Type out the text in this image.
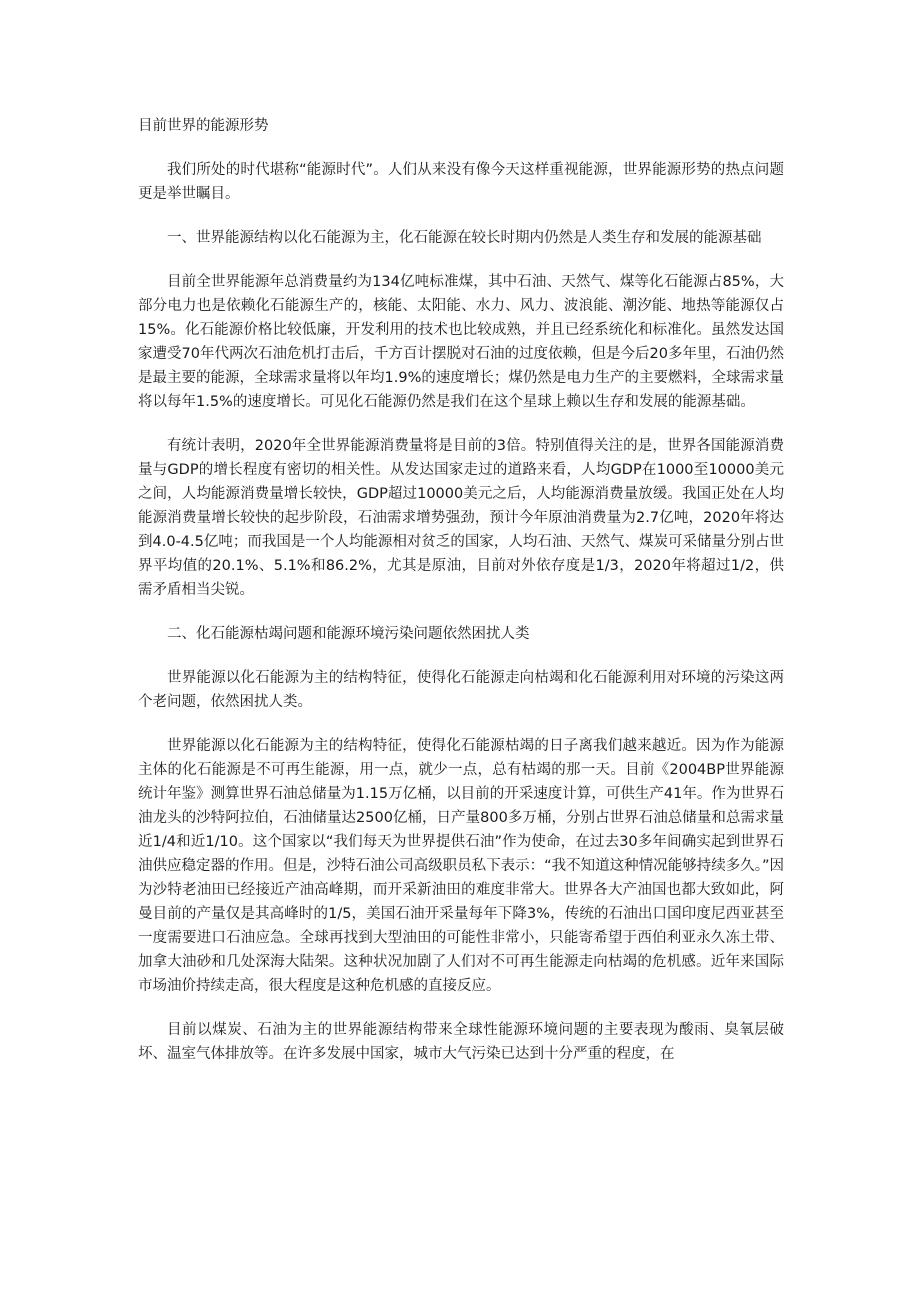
目前世界的能源形势

我们所处的时代堪称“能源时代”。人们从来没有像今天这样重视能源，世界能源形势的热点问题更是举世瞩目。

一、世界能源结构以化石能源为主，化石能源在较长时期内仍然是人类生存和发展的能源基础

目前全世界能源年总消费量约为134亿吨标准煤，其中石油、天然气、煤等化石能源占85%，大部分电力也是依赖化石能源生产的，核能、太阳能、水力、风力、波浪能、潮汐能、地热等能源仅占15%。化石能源价格比较低廉，开发利用的技术也比较成熟，并且已经系统化和标准化。虽然发达国家遭受70年代两次石油危机打击后，千方百计摆脱对石油的过度依赖，但是今后20多年里，石油仍然是最主要的能源，全球需求量将以年均1.9%的速度增长；煤仍然是电力生产的主要燃料，全球需求量将以每年1.5%的速度增长。可见化石能源仍然是我们在这个星球上赖以生存和发展的能源基础。

有统计表明，2020年全世界能源消费量将是目前的3倍。特别值得关注的是，世界各国能源消费量与GDP的增长程度有密切的相关性。从发达国家走过的道路来看，人均GDP在1000至10000美元之间，人均能源消费量增长较快，GDP超过10000美元之后，人均能源消费量放缓。我国正处在人均能源消费量增长较快的起步阶段，石油需求增势强劲，预计今年原油消费量为2.7亿吨，2020年将达到4.0-4.5亿吨；而我国是一个人均能源相对贫乏的国家，人均石油、天然气、煤炭可采储量分别占世界平均值的20.1%、5.1%和86.2%，尤其是原油，目前对外依存度是1/3，2020年将超过1/2，供需矛盾相当尖锐。

二、化石能源枯竭问题和能源环境污染问题依然困扰人类

世界能源以化石能源为主的结构特征，使得化石能源走向枯竭和化石能源利用对环境的污染这两个老问题，依然困扰人类。

世界能源以化石能源为主的结构特征，使得化石能源枯竭的日子离我们越来越近。因为作为能源主体的化石能源是不可再生能源，用一点，就少一点，总有枯竭的那一天。目前《2004BP世界能源统计年鉴》测算世界石油总储量为1.15万亿桶，以目前的开采速度计算，可供生产41年。作为世界石油龙头的沙特阿拉伯，石油储量达2500亿桶，日产量800多万桶，分别占世界石油总储量和总需求量近1/4和近1/10。这个国家以“我们每天为世界提供石油”作为使命，在过去30多年间确实起到世界石油供应稳定器的作用。但是，沙特石油公司高级职员私下表示：“我不知道这种情况能够持续多久。”因为沙特老油田已经接近产油高峰期，而开采新油田的难度非常大。世界各大产油国也都大致如此，阿曼目前的产量仅是其高峰时的1/5，美国石油开采量每年下降3%，传统的石油出口国印度尼西亚甚至一度需要进口石油应急。全球再找到大型油田的可能性非常小，只能寄希望于西伯利亚永久冻土带、加拿大油砂和几处深海大陆架。这种状况加剧了人们对不可再生能源走向枯竭的危机感。近年来国际市场油价持续走高，很大程度是这种危机感的直接反应。

目前以煤炭、石油为主的世界能源结构带来全球性能源环境问题的主要表现为酸雨、臭氧层破坏、温室气体排放等。在许多发展中国家，城市大气污染已达到十分严重的程度，在
